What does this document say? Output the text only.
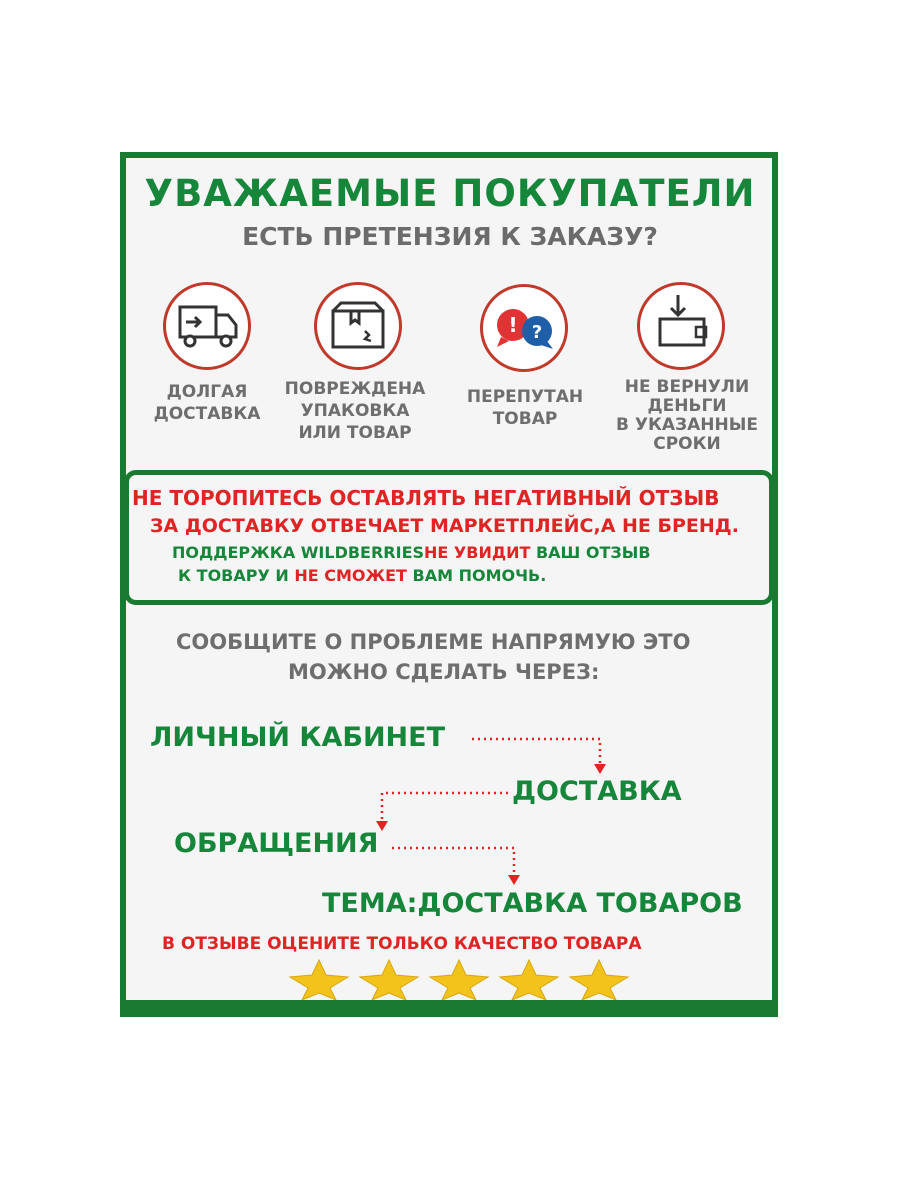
УВАЖАЕМЫЕ ПОКУПАТЕЛИ
ЕСТЬ ПРЕТЕНЗИЯ К ЗАКАЗУ?
! ?
ДОЛГАЯ
ДОСТАВКА
ПОВРЕЖДЕНА
УПАКОВКА
ИЛИ ТОВАР
ПЕРЕПУТАН
ТОВАР
НЕ ВЕРНУЛИ
ДЕНЬГИ
В УКАЗАННЫЕ
СРОКИ
НЕ ТОРОПИТЕСЬ ОСТАВЛЯТЬ НЕГАТИВНЫЙ ОТЗЫВ
ЗА ДОСТАВКУ ОТВЕЧАЕТ МАРКЕТПЛЕЙС,А НЕ БРЕНД.
ПОДДЕРЖКА WILDBERRIESНЕ УВИДИТ ВАШ ОТЗЫВ
К ТОВАРУ И НЕ СМОЖЕТ ВАМ ПОМОЧЬ.
СООБЩИТЕ О ПРОБЛЕМЕ НАПРЯМУЮ ЭТО
МОЖНО СДЕЛАТЬ ЧЕРЕЗ:
ЛИЧНЫЙ КАБИНЕТ
ДОСТАВКА
ОБРАЩЕНИЯ
ТЕМА:ДОСТАВКА ТОВАРОВ
В ОТЗЫВЕ ОЦЕНИТЕ ТОЛЬКО КАЧЕСТВО ТОВАРА
